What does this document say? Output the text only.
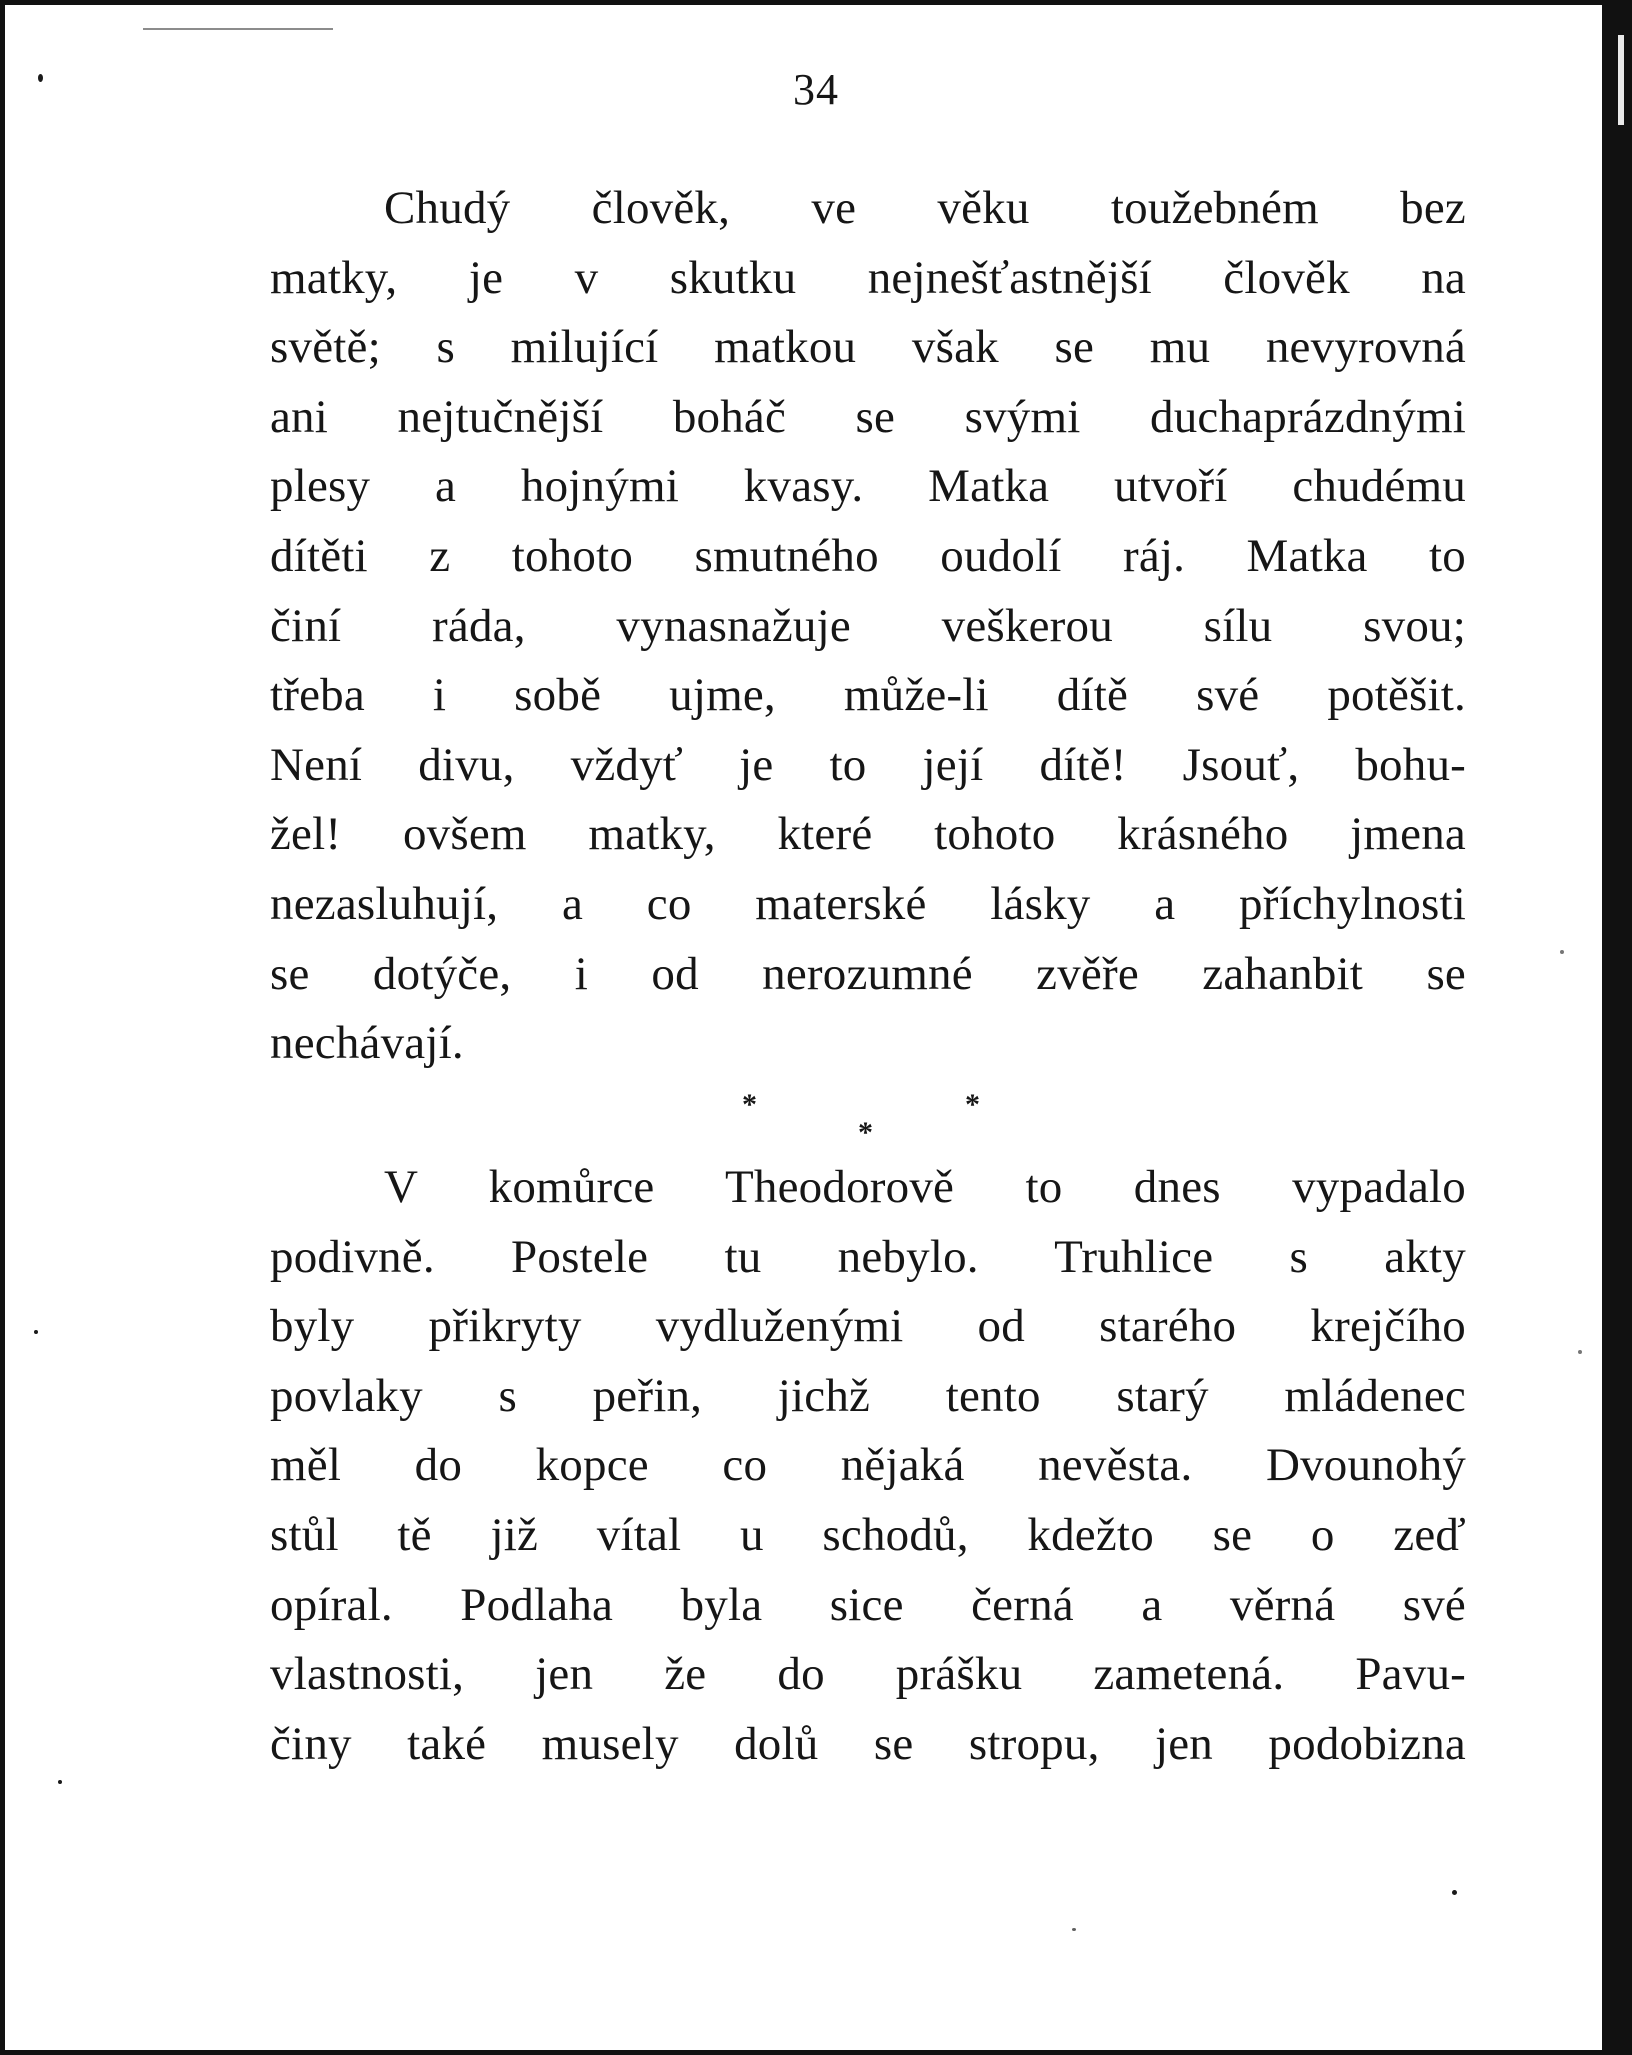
34
Chudý člověk, ve věku toužebném bez
matky, je v skutku nejnešťastnější člověk na
světě; s milující matkou však se mu nevyrovná
ani nejtučnější boháč se svými duchaprázdnými
plesy a hojnými kvasy. Matka utvoří chudému
dítěti z tohoto smutného oudolí ráj. Matka to
činí ráda, vynasnažuje veškerou sílu svou;
třeba i sobě ujme, může-li dítě své potěšit.
Není divu, vždyť je to její dítě! Jsouť, bohu-
žel! ovšem matky, které tohoto krásného jmena
nezasluhují, a co materské lásky a příchylnosti
se dotýče, i od nerozumné zvěře zahanbit se
nechávají.
*	*
*
V komůrce Theodorově to dnes vypadalo
podivně. Postele tu nebylo. Truhlice s akty
byly přikryty vydluženými od starého krejčího
povlaky s peřin, jichž tento starý mládenec
měl do kopce co nějaká nevěsta. Dvounohý
stůl tě již vítal u schodů, kdežto se o zeď
opíral. Podlaha byla sice černá a věrná své
vlastnosti, jen že do prášku zametená. Pavu-
činy také musely dolů se stropu, jen podobizna
